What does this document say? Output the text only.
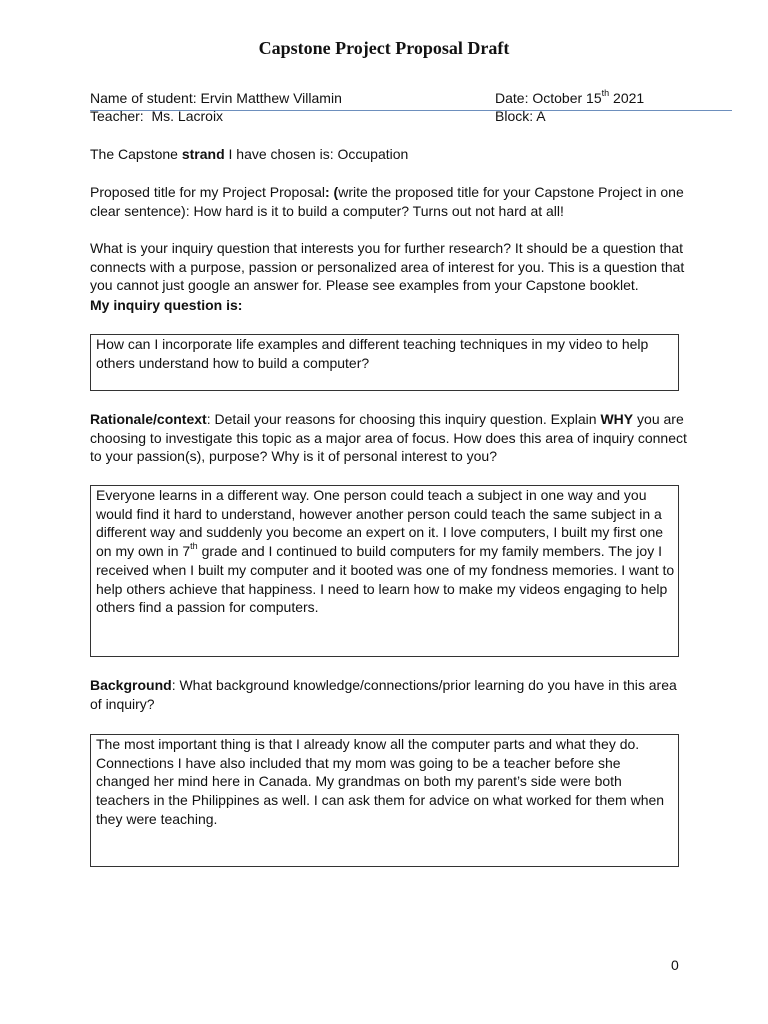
Capstone Project Proposal Draft
Name of student: Ervin Matthew Villamin	Date: October 15th 2021
Teacher: Ms. Lacroix	Block: A
The Capstone strand I have chosen is: Occupation
Proposed title for my Project Proposal: (write the proposed title for your Capstone Project in one clear sentence): How hard is it to build a computer? Turns out not hard at all!
What is your inquiry question that interests you for further research? It should be a question that connects with a purpose, passion or personalized area of interest for you. This is a question that you cannot just google an answer for. Please see examples from your Capstone booklet.
My inquiry question is:
How can I incorporate life examples and different teaching techniques in my video to help others understand how to build a computer?
Rationale/context: Detail your reasons for choosing this inquiry question. Explain WHY you are choosing to investigate this topic as a major area of focus. How does this area of inquiry connect to your passion(s), purpose? Why is it of personal interest to you?
Everyone learns in a different way. One person could teach a subject in one way and you would find it hard to understand, however another person could teach the same subject in a different way and suddenly you become an expert on it. I love computers, I built my first one on my own in 7th grade and I continued to build computers for my family members. The joy I received when I built my computer and it booted was one of my fondness memories. I want to help others achieve that happiness. I need to learn how to make my videos engaging to help others find a passion for computers.
Background: What background knowledge/connections/prior learning do you have in this area of inquiry?
The most important thing is that I already know all the computer parts and what they do. Connections I have also included that my mom was going to be a teacher before she changed her mind here in Canada. My grandmas on both my parent’s side were both teachers in the Philippines as well. I can ask them for advice on what worked for them when they were teaching.
0
